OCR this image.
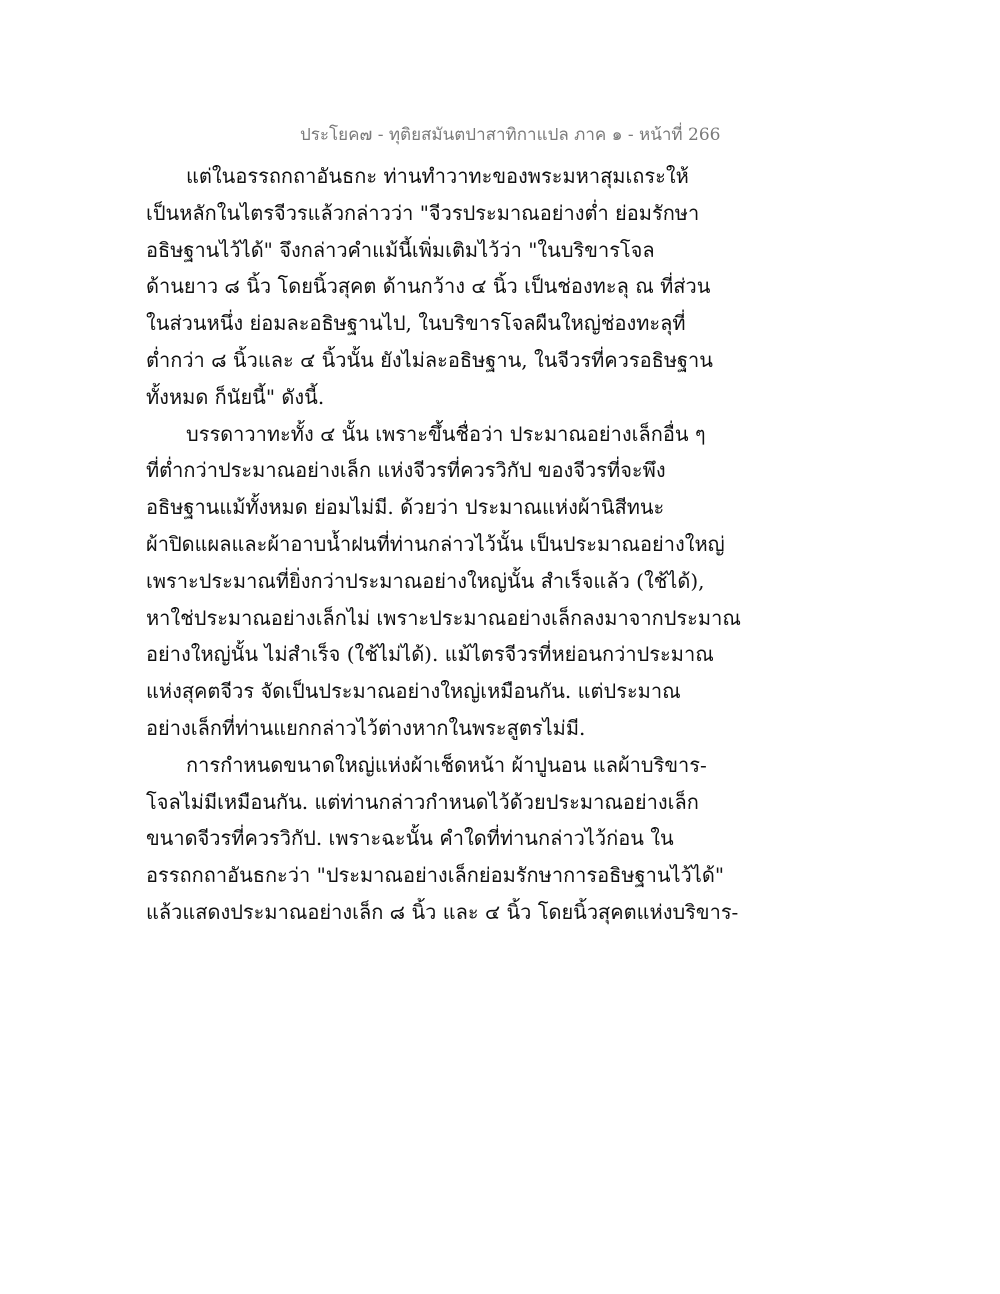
ประโยค๗ - ทุติยสมันตปาสาทิกาแปล ภาค ๑ - หน้าที่ 266
แต่ในอรรถกถาอันธกะ ท่านทำวาทะของพระมหาสุมเถระให้
เป็นหลักในไตรจีวรแล้วกล่าวว่า "จีวรประมาณอย่างต่ำ ย่อมรักษา
อธิษฐานไว้ได้" จึงกล่าวคำแม้นี้เพิ่มเติมไว้ว่า "ในบริขารโจล
ด้านยาว ๘ นิ้ว โดยนิ้วสุคต ด้านกว้าง ๔ นิ้ว เป็นช่องทะลุ ณ ที่ส่วน
ในส่วนหนึ่ง ย่อมละอธิษฐานไป, ในบริขารโจลผืนใหญ่ช่องทะลุที่
ต่ำกว่า ๘ นิ้วและ ๔ นิ้วนั้น ยังไม่ละอธิษฐาน, ในจีวรที่ควรอธิษฐาน
ทั้งหมด ก็นัยนี้" ดังนี้.
บรรดาวาทะทั้ง ๔ นั้น เพราะขึ้นชื่อว่า ประมาณอย่างเล็กอื่น ๆ
ที่ต่ำกว่าประมาณอย่างเล็ก แห่งจีวรที่ควรวิกัป ของจีวรที่จะพึง
อธิษฐานแม้ทั้งหมด ย่อมไม่มี. ด้วยว่า ประมาณแห่งผ้านิสีทนะ
ผ้าปิดแผลและผ้าอาบน้ำฝนที่ท่านกล่าวไว้นั้น เป็นประมาณอย่างใหญ่
เพราะประมาณที่ยิ่งกว่าประมาณอย่างใหญ่นั้น สำเร็จแล้ว (ใช้ได้),
หาใช่ประมาณอย่างเล็กไม่ เพราะประมาณอย่างเล็กลงมาจากประมาณ
อย่างใหญ่นั้น ไม่สำเร็จ (ใช้ไม่ได้). แม้ไตรจีวรที่หย่อนกว่าประมาณ
แห่งสุคตจีวร จัดเป็นประมาณอย่างใหญ่เหมือนกัน. แต่ประมาณ
อย่างเล็กที่ท่านแยกกล่าวไว้ต่างหากในพระสูตรไม่มี.
การกำหนดขนาดใหญ่แห่งผ้าเช็ดหน้า ผ้าปูนอน แลผ้าบริขาร-
โจลไม่มีเหมือนกัน. แต่ท่านกล่าวกำหนดไว้ด้วยประมาณอย่างเล็ก
ขนาดจีวรที่ควรวิกัป. เพราะฉะนั้น คำใดที่ท่านกล่าวไว้ก่อน ใน
อรรถกถาอันธกะว่า "ประมาณอย่างเล็กย่อมรักษาการอธิษฐานไว้ได้"
แล้วแสดงประมาณอย่างเล็ก ๘ นิ้ว และ ๔ นิ้ว โดยนิ้วสุคตแห่งบริขาร-
